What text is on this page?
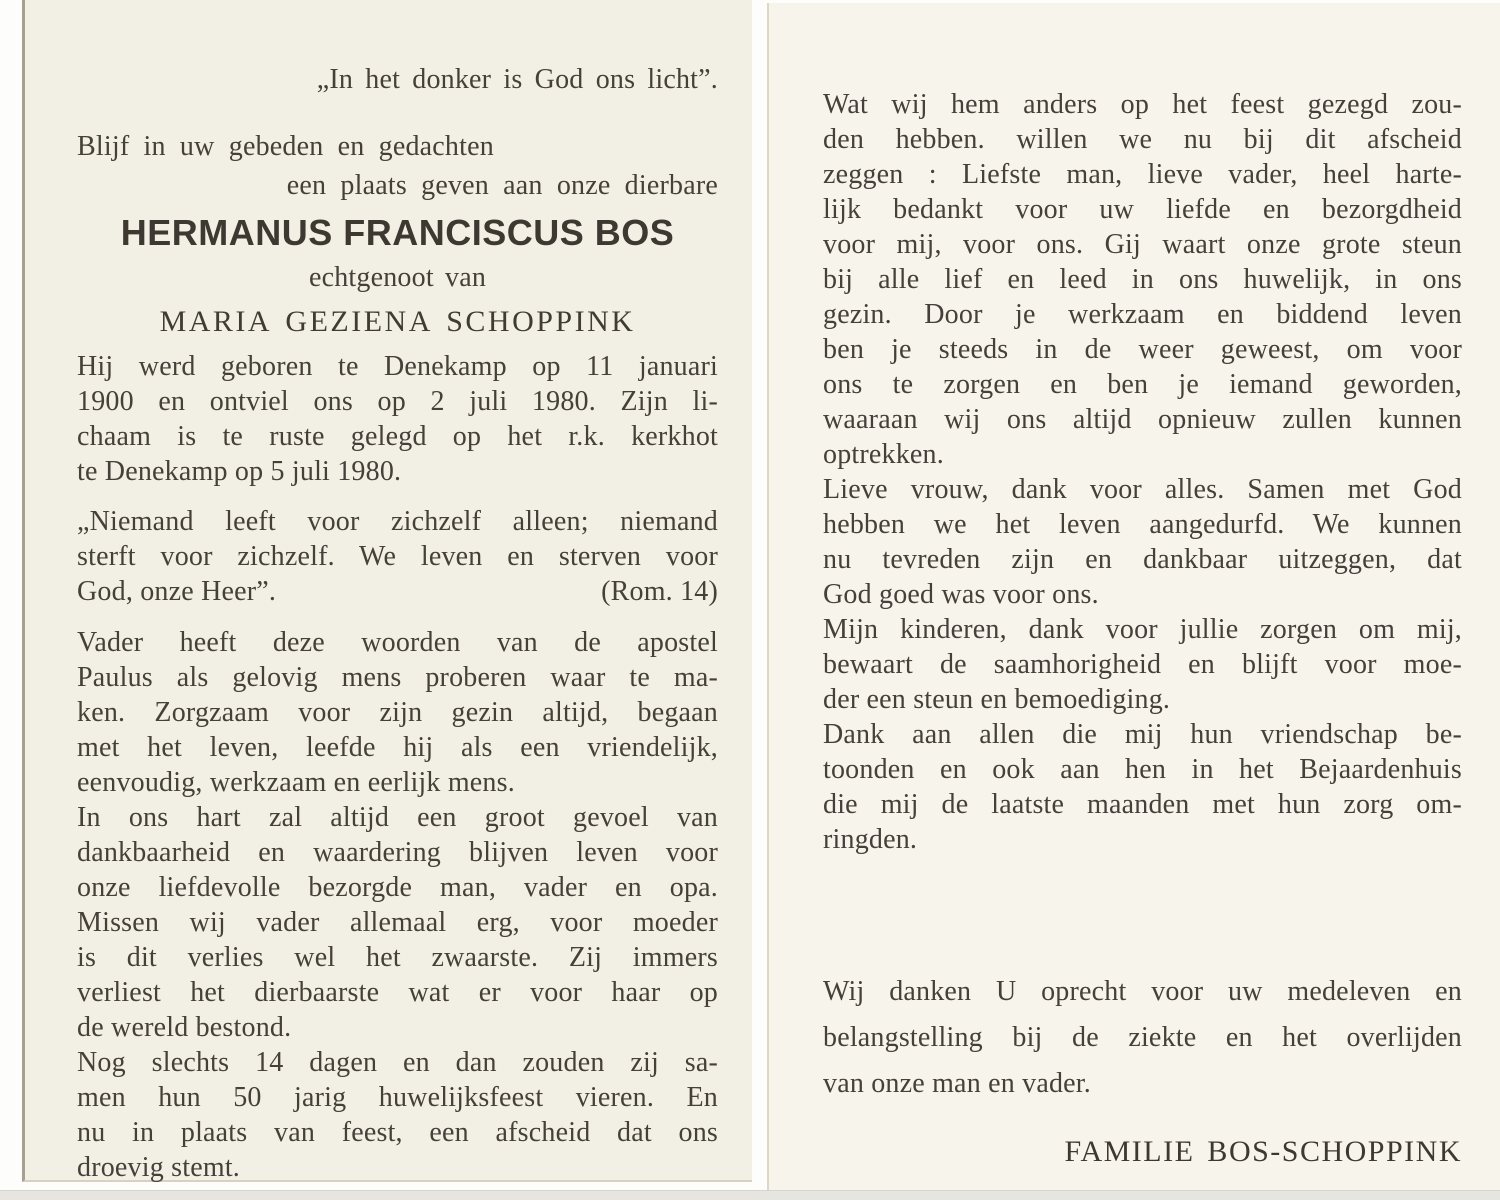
„In het donker is God ons licht”.
Blijf in uw gebeden en gedachten
een plaats geven aan onze dierbare
HERMANUS FRANCISCUS BOS
echtgenoot van
MARIA GEZIENA SCHOPPINK
Hij werd geboren te Denekamp op 11 januari
1900 en ontviel ons op 2 juli 1980. Zijn li-
chaam is te ruste gelegd op het r.k. kerkhot
te Denekamp op 5 juli 1980.
„Niemand leeft voor zichzelf alleen; niemand
sterft voor zichzelf. We leven en sterven voor
God, onze Heer”.	(Rom. 14)
Vader heeft deze woorden van de apostel
Paulus als gelovig mens proberen waar te ma-
ken. Zorgzaam voor zijn gezin altijd, begaan
met het leven, leefde hij als een vriendelijk,
eenvoudig, werkzaam en eerlijk mens.
In ons hart zal altijd een groot gevoel van
dankbaarheid en waardering blijven leven voor
onze liefdevolle bezorgde man, vader en opa.
Missen wij vader allemaal erg, voor moeder
is dit verlies wel het zwaarste. Zij immers
verliest het dierbaarste wat er voor haar op
de wereld bestond.
Nog slechts 14 dagen en dan zouden zij sa-
men hun 50 jarig huwelijksfeest vieren. En
nu in plaats van feest, een afscheid dat ons
droevig stemt.
Wat wij hem anders op het feest gezegd zou-
den hebben. willen we nu bij dit afscheid
zeggen : Liefste man, lieve vader, heel harte-
lijk bedankt voor uw liefde en bezorgdheid
voor mij, voor ons. Gij waart onze grote steun
bij alle lief en leed in ons huwelijk, in ons
gezin. Door je werkzaam en biddend leven
ben je steeds in de weer geweest, om voor
ons te zorgen en ben je iemand geworden,
waaraan wij ons altijd opnieuw zullen kunnen
optrekken.
Lieve vrouw, dank voor alles. Samen met God
hebben we het leven aangedurfd. We kunnen
nu tevreden zijn en dankbaar uitzeggen, dat
God goed was voor ons.
Mijn kinderen, dank voor jullie zorgen om mij,
bewaart de saamhorigheid en blijft voor moe-
der een steun en bemoediging.
Dank aan allen die mij hun vriendschap be-
toonden en ook aan hen in het Bejaardenhuis
die mij de laatste maanden met hun zorg om-
ringden.
Wij danken U oprecht voor uw medeleven en
belangstelling bij de ziekte en het overlijden
van onze man en vader.
FAMILIE BOS-SCHOPPINK
